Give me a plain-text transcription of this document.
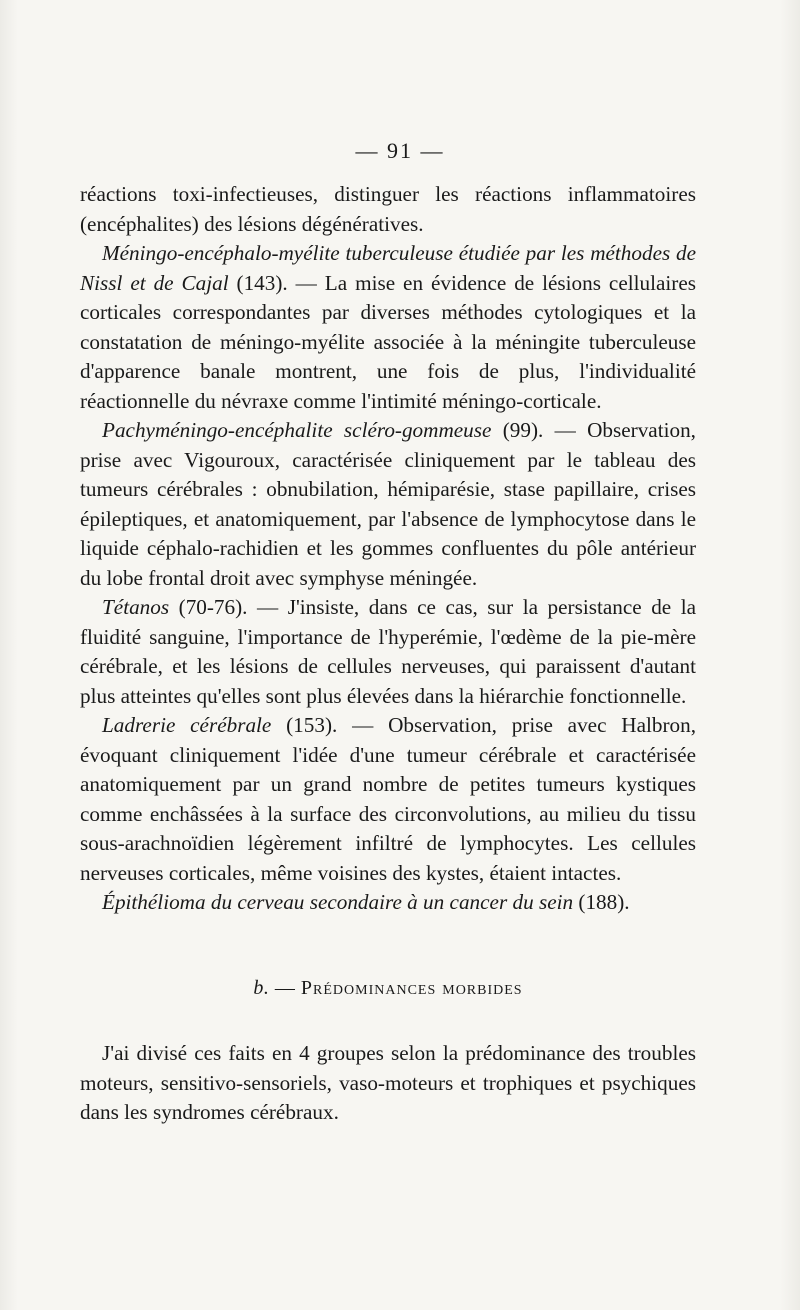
— 91 —

réactions toxi-infectieuses, distinguer les réactions inflammatoires (encéphalites) des lésions dégénératives.

Méningo-encéphalo-myélite tuberculeuse étudiée par les méthodes de Nissl et de Cajal (143). — La mise en évidence de lésions cellulaires corticales correspondantes par diverses méthodes cytologiques et la constatation de méningo-myélite associée à la méningite tuberculeuse d'apparence banale montrent, une fois de plus, l'individualité réactionnelle du névraxe comme l'intimité méningo-corticale.

Pachyméningo-encéphalite scléro-gommeuse (99). — Observation, prise avec Vigouroux, caractérisée cliniquement par le tableau des tumeurs cérébrales : obnubilation, hémiparésie, stase papillaire, crises épileptiques, et anatomiquement, par l'absence de lymphocytose dans le liquide céphalo-rachidien et les gommes confluentes du pôle antérieur du lobe frontal droit avec symphyse méningée.

Tétanos (70-76). — J'insiste, dans ce cas, sur la persistance de la fluidité sanguine, l'importance de l'hyperémie, l'œdème de la pie-mère cérébrale, et les lésions de cellules nerveuses, qui paraissent d'autant plus atteintes qu'elles sont plus élevées dans la hiérarchie fonctionnelle.

Ladrerie cérébrale (153). — Observation, prise avec Halbron, évoquant cliniquement l'idée d'une tumeur cérébrale et caractérisée anatomiquement par un grand nombre de petites tumeurs kystiques comme enchâssées à la surface des circonvolutions, au milieu du tissu sous-arachnoïdien légèrement infiltré de lymphocytes. Les cellules nerveuses corticales, même voisines des kystes, étaient intactes.

Épithélioma du cerveau secondaire à un cancer du sein (188).

b. — Prédominances morbides

J'ai divisé ces faits en 4 groupes selon la prédominance des troubles moteurs, sensitivo-sensoriels, vaso-moteurs et trophiques et psychiques dans les syndromes cérébraux.
